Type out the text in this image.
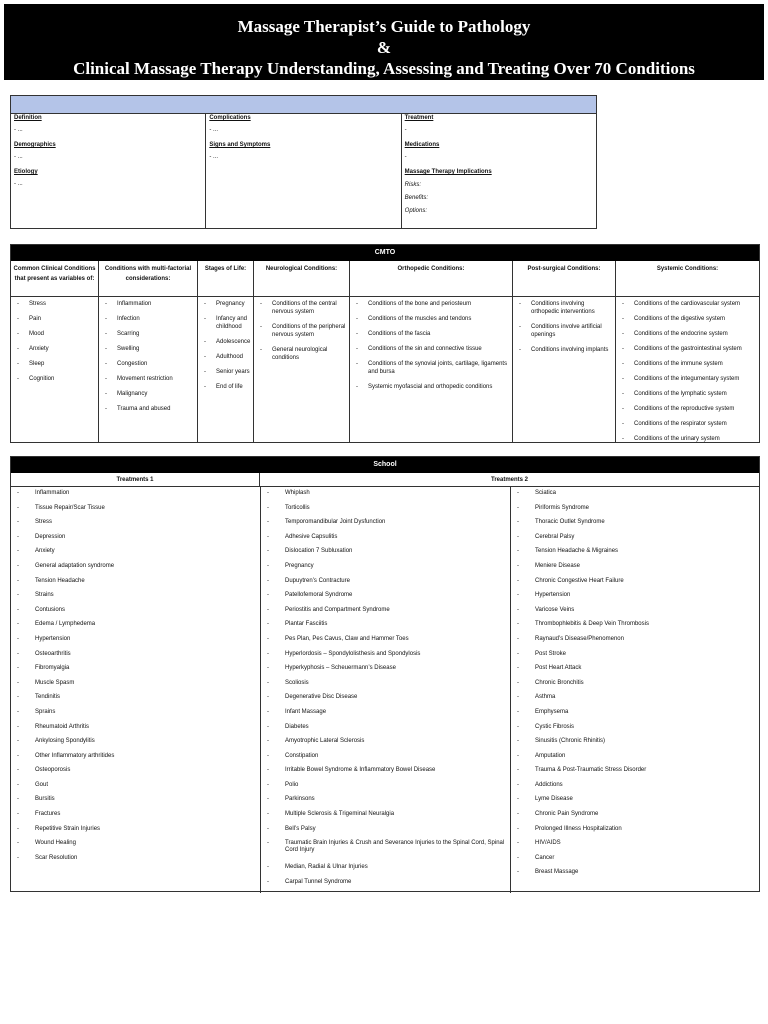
Massage Therapist’s Guide to Pathology
&
Clinical Massage Therapy Understanding, Assessing and Treating Over 70 Conditions
Definition
- ...
Demographics
- ...
Etiology
- ...
Complications
- ...
Signs and Symptoms
- ...
Treatment
-
Medications
-
Massage Therapy Implications
Risks:
Benefits:
Options:
CMTO
Common Clinical Conditions that present as variables of:
- Stress
- Pain
- Mood
- Anxiety
- Sleep
- Cognition
Conditions with multi-factorial considerations:
- Inflammation
- Infection
- Scarring
- Swelling
- Congestion
- Movement restriction
- Malignancy
- Trauma and abused
Stages of Life:
- Pregnancy
- Infancy and childhood
- Adolescence
- Adulthood
- Senior years
- End of life
Neurological Conditions:
- Conditions of the central nervous system
- Conditions of the peripheral nervous system
- General neurological conditions
Orthopedic Conditions:
- Conditions of the bone and periosteum
- Conditions of the muscles and tendons
- Conditions of the fascia
- Conditions of the sin and connective tissue
- Conditions of the synovial joints, cartilage, ligaments and bursa
- Systemic myofascial and orthopedic conditions
Post-surgical Conditions:
- Conditions involving orthopedic interventions
- Conditions involve artificial openings
- Conditions involving implants
Systemic Conditions:
- Conditions of the cardiovascular system
- Conditions of the digestive system
- Conditions of the endocrine system
- Conditions of the gastrointestinal system
- Conditions of the immune system
- Conditions of the integumentary system
- Conditions of the lymphatic system
- Conditions of the reproductive system
- Conditions of the respirator system
- Conditions of the urinary system
School
Treatments 1	Treatments 2
- Inflammation
- Tissue Repair/Scar Tissue
- Stress
- Depression
- Anxiety
- General adaptation syndrome
- Tension Headache
- Strains
- Contusions
- Edema / Lymphedema
- Hypertension
- Osteoarthritis
- Fibromyalgia
- Muscle Spasm
- Tendinitis
- Sprains
- Rheumatoid Arthritis
- Ankylosing Spondylitis
- Other Inflammatory arthritides
- Osteoporosis
- Gout
- Bursitis
- Fractures
- Repetitive Strain Injuries
- Wound Healing
- Scar Resolution
- Whiplash
- Torticollis
- Temporomandibular Joint Dysfunction
- Adhesive Capsulitis
- Dislocation 7 Subluxation
- Pregnancy
- Dupuytren’s Contracture
- Patellofemoral Syndrome
- Periostitis and Compartment Syndrome
- Plantar Fasciitis
- Pes Plan, Pes Cavus, Claw and Hammer Toes
- Hyperlordosis – Spondylolisthesis and Spondylosis
- Hyperkyphosis – Scheuermann’s Disease
- Scoliosis
- Degenerative Disc Disease
- Infant Massage
- Diabetes
- Amyotrophic Lateral Sclerosis
- Constipation
- Irritable Bowel Syndrome & Inflammatory Bowel Disease
- Polio
- Parkinsons
- Multiple Sclerosis & Trigeminal Neuralgia
- Bell’s Palsy
- Traumatic Brain Injuries & Crush and Severance Injuries to the Spinal Cord, Spinal Cord Injury
- Median, Radial & Ulnar Injuries
- Carpal Tunnel Syndrome
- Sciatica
- Piriformis Syndrome
- Thoracic Outlet Syndrome
- Cerebral Palsy
- Tension Headache & Migraines
- Meniere Disease
- Chronic Congestive Heart Failure
- Hypertension
- Varicose Veins
- Thrombophlebitis & Deep Vein Thrombosis
- Raynaud’s Disease/Phenomenon
- Post Stroke
- Post Heart Attack
- Chronic Bronchitis
- Asthma
- Emphysema
- Cystic Fibrosis
- Sinusitis (Chronic Rhinitis)
- Amputation
- Trauma & Post-Traumatic Stress Disorder
- Addictions
- Lyme Disease
- Chronic Pain Syndrome
- Prolonged Illness Hospitalization
- HIV/AIDS
- Cancer
- Breast Massage
